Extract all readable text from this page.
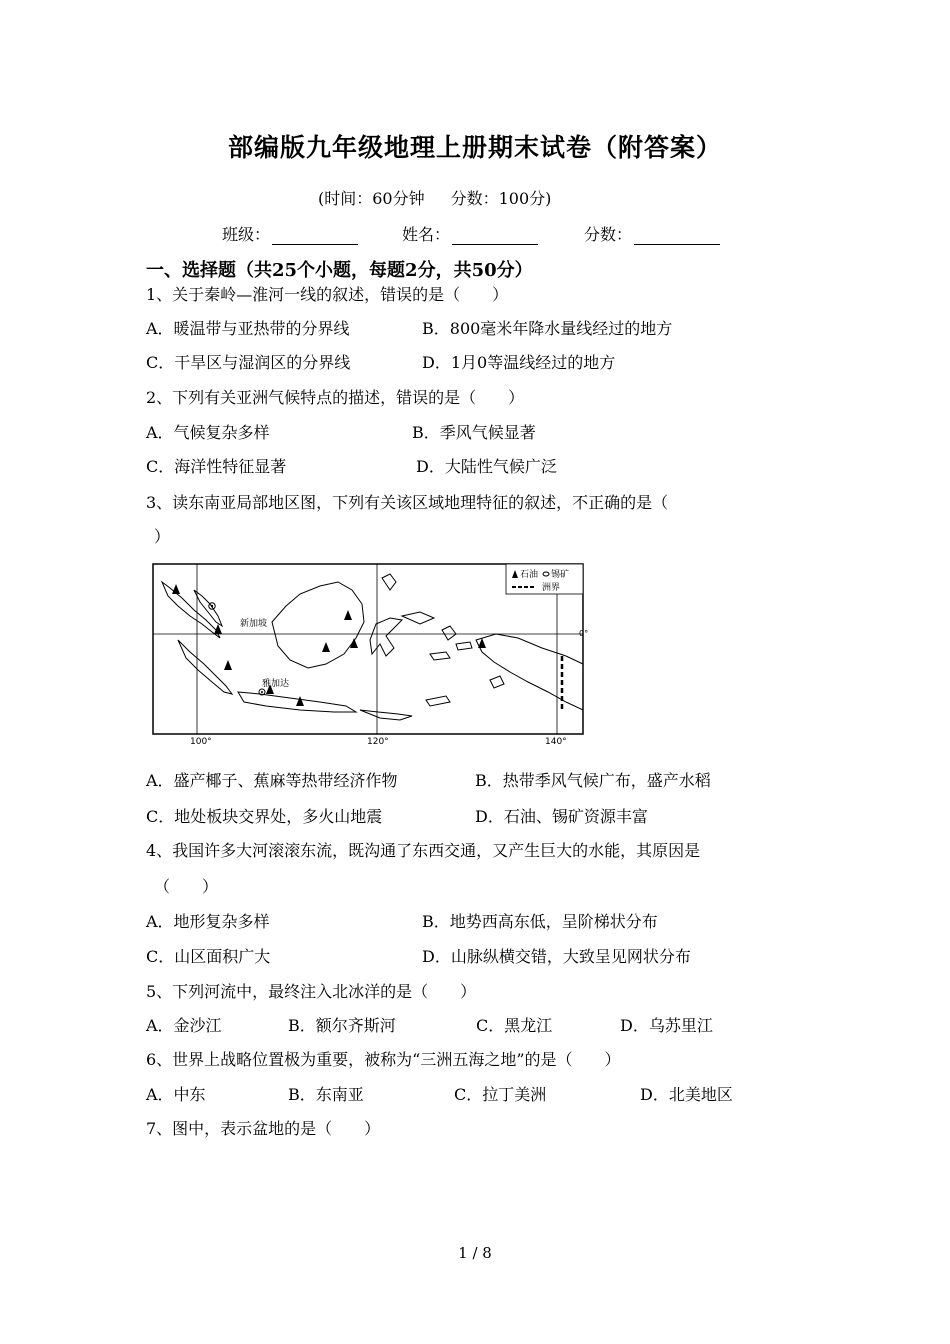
部编版九年级地理上册期末试卷（附答案）
(时间：60分钟 分数：100分)
班级：	姓名：	分数：
一、选择题（共25个小题，每题2分，共50分）
1、关于秦岭—淮河一线的叙述，错误的是（　　）
A．暖温带与亚热带的分界线	B．800毫米年降水量线经过的地方
C．干旱区与湿润区的分界线	D．1月0等温线经过的地方
2、下列有关亚洲气候特点的描述，错误的是（　　）
A．气候复杂多样	B．季风气候显著
C．海洋性特征显著	D．大陆性气候广泛
3、读东南亚局部地区图，下列有关该区域地理特征的叙述，不正确的是（
）
新加坡
雅加达
石油 锡矿
洲界
100°	120°	140°
0°
A．盛产椰子、蕉麻等热带经济作物	B．热带季风气候广布，盛产水稻
C．地处板块交界处，多火山地震	D．石油、锡矿资源丰富
4、我国许多大河滚滚东流，既沟通了东西交通，又产生巨大的水能，其原因是
（　　）
A．地形复杂多样	B．地势西高东低，呈阶梯状分布
C．山区面积广大	D．山脉纵横交错，大致呈见网状分布
5、下列河流中，最终注入北冰洋的是（　　）
A．金沙江	B．额尔齐斯河	C．黑龙江	D．乌苏里江
6、世界上战略位置极为重要，被称为“三洲五海之地”的是（　　）
A．中东	B．东南亚	C．拉丁美洲	D．北美地区
7、图中，表示盆地的是（　　）
1 / 8
